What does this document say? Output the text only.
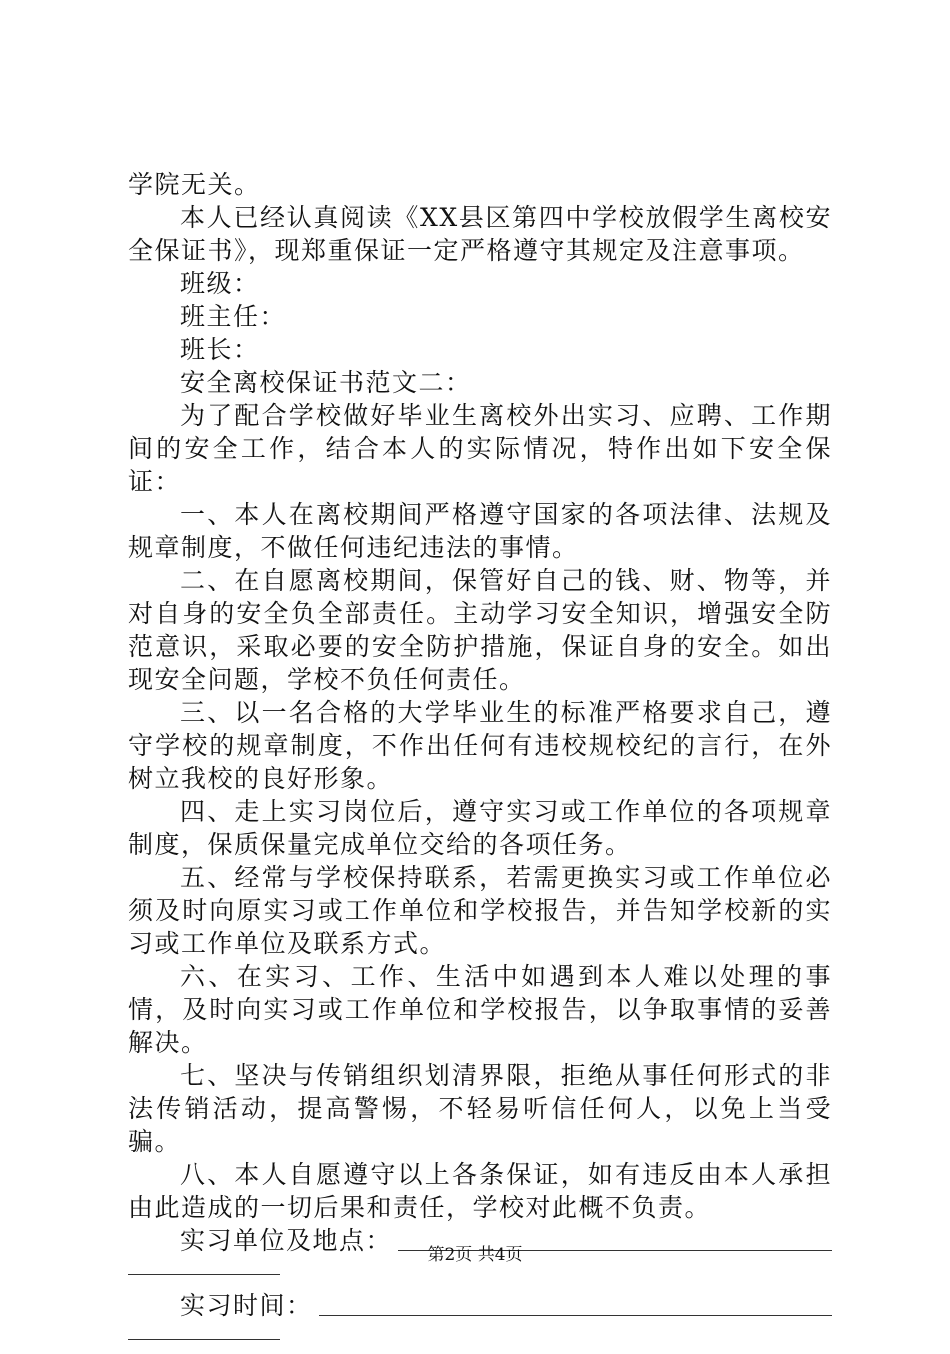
学院无关。

本人已经认真阅读《XX县区第四中学校放假学生离校安全保证书》，现郑重保证一定严格遵守其规定及注意事项。

班级：

班主任：

班长：

安全离校保证书范文二：

为了配合学校做好毕业生离校外出实习、应聘、工作期间的安全工作，结合本人的实际情况，特作出如下安全保证：

一、本人在离校期间严格遵守国家的各项法律、法规及规章制度，不做任何违纪违法的事情。

二、在自愿离校期间，保管好自己的钱、财、物等，并对自身的安全负全部责任。主动学习安全知识，增强安全防范意识，采取必要的安全防护措施，保证自身的安全。如出现安全问题，学校不负任何责任。

三、以一名合格的大学毕业生的标准严格要求自己，遵守学校的规章制度，不作出任何有违校规校纪的言行，在外树立我校的良好形象。

四、走上实习岗位后，遵守实习或工作单位的各项规章制度，保质保量完成单位交给的各项任务。

五、经常与学校保持联系，若需更换实习或工作单位必须及时向原实习或工作单位和学校报告，并告知学校新的实习或工作单位及联系方式。

六、在实习、工作、生活中如遇到本人难以处理的事情，及时向实习或工作单位和学校报告，以争取事情的妥善解决。

七、坚决与传销组织划清界限，拒绝从事任何形式的非法传销活动，提高警惕，不轻易听信任何人，以免上当受骗。

八、本人自愿遵守以上各条保证，如有违反由本人承担由此造成的一切后果和责任，学校对此概不负责。

实习单位及地点：
实习时间：
第2页 共4页
